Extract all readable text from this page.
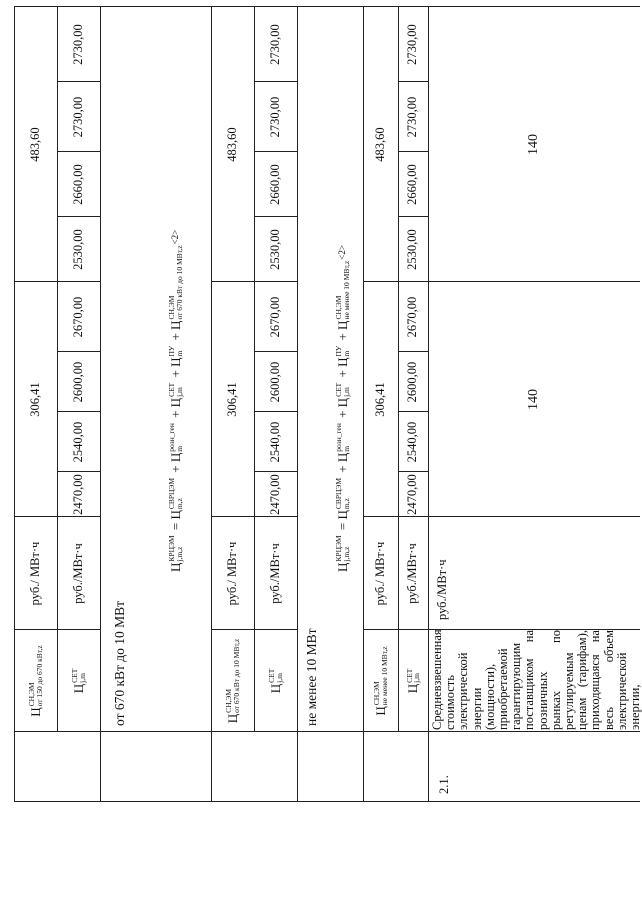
Ц
СН,ЭМ
от 150 до 670 кВт,z
руб./ МВт·ч
306,41
483,60
Ц
СЕТ
j,m
руб./МВт·ч
2470,00
2540,00
2600,00
2670,00
2530,00
2660,00
2730,00
2730,00
от 670 кВт до 10 МВт
Ц
КРЦЭМ
j,m,z
=
Ц
СВРЦЭМ
m,z
+
Ц
розн_ген
m
+
Ц
СЕТ
j,m
+
Ц
ПУ
m
+
Ц
СН,ЭМ
от 670 кВт до 10 МВт,z
<2>
Ц
СН,ЭМ
от 670 кВт до 10 МВт,z
руб./ МВт·ч
306,41
483,60
Ц
СЕТ
j,m
руб./МВт·ч
2470,00
2540,00
2600,00
2670,00
2530,00
2660,00
2730,00
2730,00
не менее 10 МВт
Ц
КРЦЭМ
j,m,z
=
Ц
СВРЦЭМ
m,z
+
Ц
розн_ген
m
+
Ц
СЕТ
j,m
+
Ц
ПУ
m
+
Ц
СН,ЭМ
не менее 10 МВт,z
<2>
Ц
СН,ЭМ
не менее 10 МВт,z
руб./ МВт·ч
306,41
483,60
Ц
СЕТ
j,m
руб./МВт·ч
2470,00
2540,00
2600,00
2670,00
2530,00
2660,00
2730,00
2730,00
2.1.
Средневзвешенная стоимость электрической энергии (мощности), приобретаемой гарантирующим поставщиком на розничных рынках по регулируемым ценам (тарифам), приходящаяся на весь объем электрической энергии,
руб./МВт·ч
140
140
